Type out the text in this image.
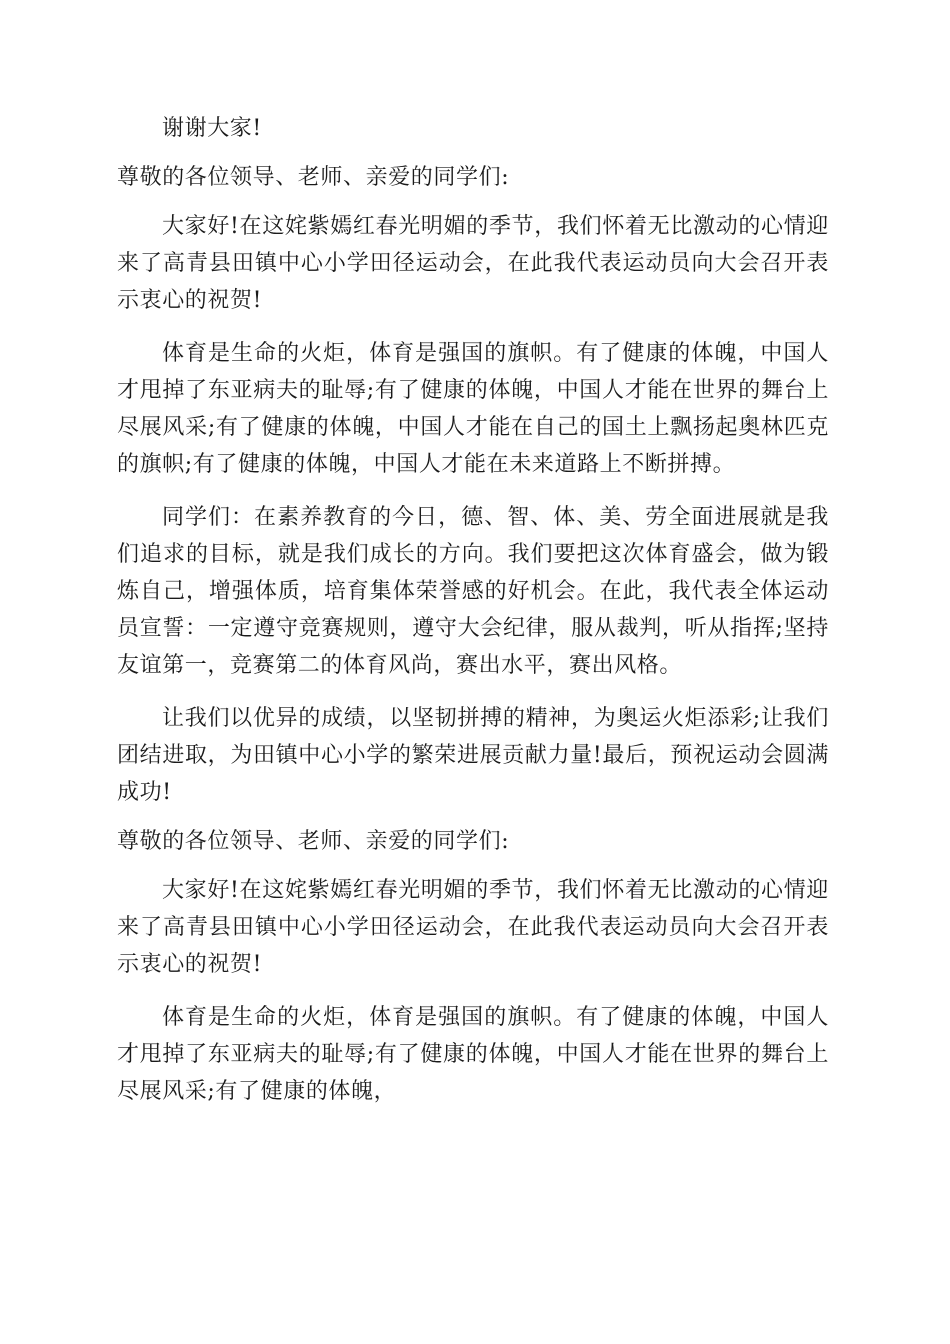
谢谢大家!

尊敬的各位领导、老师、亲爱的同学们:

大家好!在这姹紫嫣红春光明媚的季节，我们怀着无比激动的心情迎来了高青县田镇中心小学田径运动会，在此我代表运动员向大会召开表示衷心的祝贺!

体育是生命的火炬，体育是强国的旗帜。有了健康的体魄，中国人才甩掉了东亚病夫的耻辱;有了健康的体魄，中国人才能在世界的舞台上尽展风采;有了健康的体魄，中国人才能在自己的国土上飘扬起奥林匹克的旗帜;有了健康的体魄，中国人才能在未来道路上不断拼搏。

同学们：在素养教育的今日，德、智、体、美、劳全面进展就是我们追求的目标，就是我们成长的方向。我们要把这次体育盛会，做为锻炼自己，增强体质，培育集体荣誉感的好机会。在此，我代表全体运动员宣誓：一定遵守竞赛规则，遵守大会纪律，服从裁判，听从指挥;坚持友谊第一，竞赛第二的体育风尚，赛出水平，赛出风格。

让我们以优异的成绩，以坚韧拼搏的精神，为奥运火炬添彩;让我们团结进取，为田镇中心小学的繁荣进展贡献力量!最后，预祝运动会圆满成功!

尊敬的各位领导、老师、亲爱的同学们:

大家好!在这姹紫嫣红春光明媚的季节，我们怀着无比激动的心情迎来了高青县田镇中心小学田径运动会，在此我代表运动员向大会召开表示衷心的祝贺!

体育是生命的火炬，体育是强国的旗帜。有了健康的体魄，中国人才甩掉了东亚病夫的耻辱;有了健康的体魄，中国人才能在世界的舞台上尽展风采;有了健康的体魄，
